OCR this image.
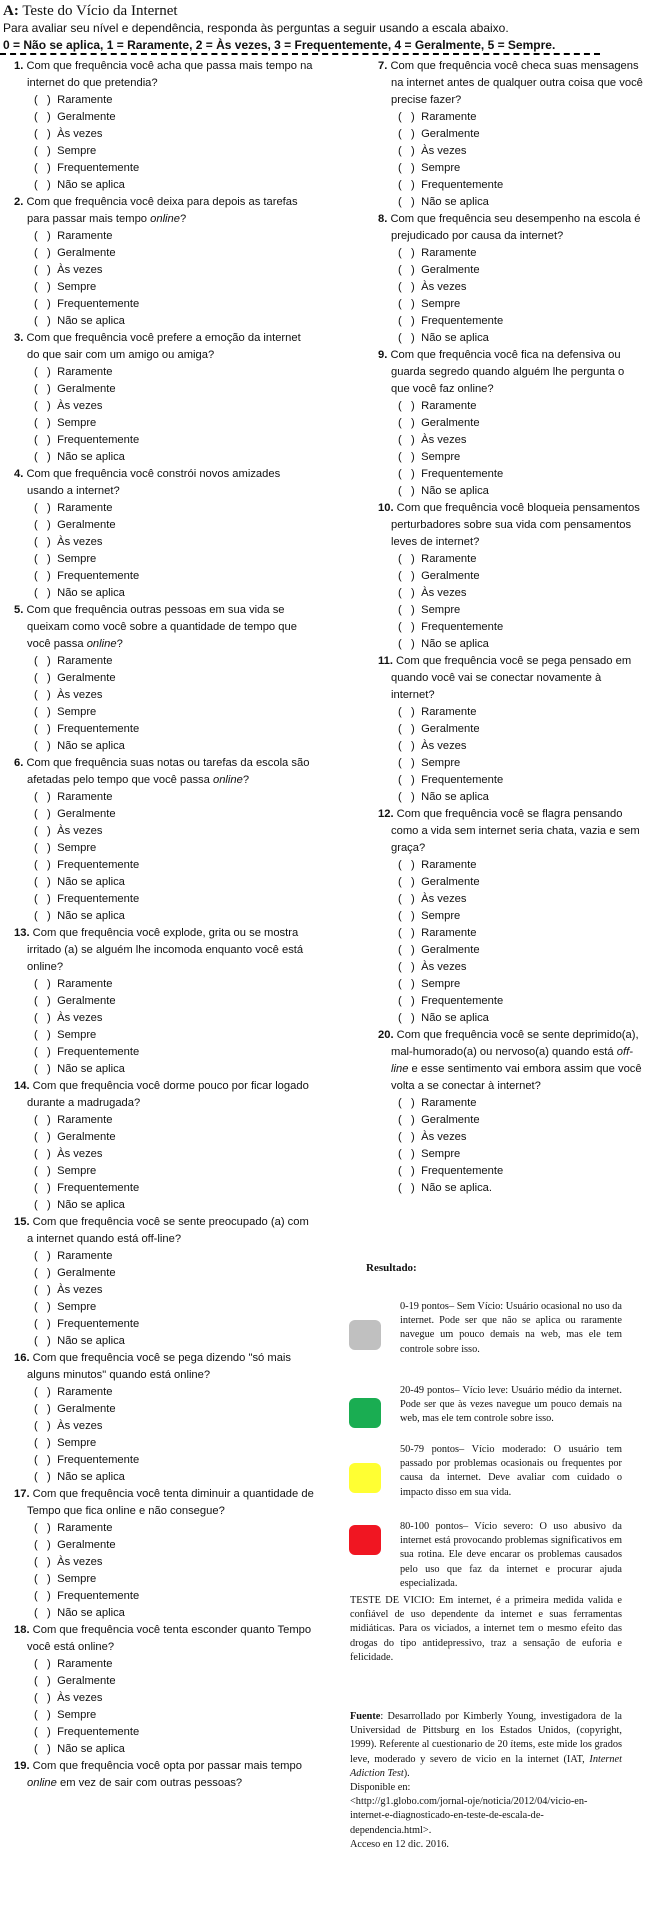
A: Teste do Vício da Internet
Para avaliar seu nível e dependência, responda às perguntas a seguir usando a escala abaixo.
0 = Não se aplica, 1 = Raramente, 2 = Às vezes, 3 = Frequentemente, 4 = Geralmente, 5 = Sempre.
1. Com que frequência você acha que passa mais tempo na internet do que pretendia?
(   ) Raramente
(   ) Geralmente
(   ) Às vezes
(   ) Sempre
(   ) Frequentemente
(   ) Não se aplica
2. Com que frequência você deixa para depois as tarefas para passar mais tempo online?
(   ) Raramente
(   ) Geralmente
(   ) Às vezes
(   ) Sempre
(   ) Frequentemente
(   ) Não se aplica
3. Com que frequência você prefere a emoção da internet do que sair com um amigo ou amiga?
(   ) Raramente
(   ) Geralmente
(   ) Às vezes
(   ) Sempre
(   ) Frequentemente
(   ) Não se aplica
4. Com que frequência você constrói novos amizades usando a internet?
(   ) Raramente
(   ) Geralmente
(   ) Às vezes
(   ) Sempre
(   ) Frequentemente
(   ) Não se aplica
5. Com que frequência outras pessoas em sua vida se queixam como você sobre a quantidade de tempo que você passa online?
(   ) Raramente
(   ) Geralmente
(   ) Às vezes
(   ) Sempre
(   ) Frequentemente
(   ) Não se aplica
6. Com que frequência suas notas ou tarefas da escola são afetadas pelo tempo que você passa online?
(   ) Raramente
(   ) Geralmente
(   ) Às vezes
(   ) Sempre
(   ) Frequentemente
(   ) Não se aplica
(   ) Frequentemente
(   ) Não se aplica
13. Com que frequência você explode, grita ou se mostra irritado (a) se alguém lhe incomoda enquanto você está online?
(   ) Raramente
(   ) Geralmente
(   ) Às vezes
(   ) Sempre
(   ) Frequentemente
(   ) Não se aplica
14. Com que frequência você dorme pouco por ficar logado durante a madrugada?
(   ) Raramente
(   ) Geralmente
(   ) Às vezes
(   ) Sempre
(   ) Frequentemente
(   ) Não se aplica
15. Com que frequência você se sente preocupado (a) com a internet quando está off-line?
(   ) Raramente
(   ) Geralmente
(   ) Às vezes
(   ) Sempre
(   ) Frequentemente
(   ) Não se aplica
16. Com que frequência você se pega dizendo "só mais alguns minutos" quando está online?
(   ) Raramente
(   ) Geralmente
(   ) Às vezes
(   ) Sempre
(   ) Frequentemente
(   ) Não se aplica
17. Com que frequência você tenta diminuir a quantidade de Tempo que fica online e não consegue?
(   ) Raramente
(   ) Geralmente
(   ) Às vezes
(   ) Sempre
(   ) Frequentemente
(   ) Não se aplica
18. Com que frequência você tenta esconder quanto Tempo você está online?
(   ) Raramente
(   ) Geralmente
(   ) Às vezes
(   ) Sempre
(   ) Frequentemente
(   ) Não se aplica
19. Com que frequência você opta por passar mais tempo online em vez de sair com outras pessoas?
7. Com que frequência você checa suas mensagens na internet antes de qualquer outra coisa que você precise fazer?
(   ) Raramente
(   ) Geralmente
(   ) Às vezes
(   ) Sempre
(   ) Frequentemente
(   ) Não se aplica
8. Com que frequência seu desempenho na escola é prejudicado por causa da internet?
(   ) Raramente
(   ) Geralmente
(   ) Às vezes
(   ) Sempre
(   ) Frequentemente
(   ) Não se aplica
9. Com que frequência você fica na defensiva ou guarda segredo quando alguém lhe pergunta o que você faz online?
(   ) Raramente
(   ) Geralmente
(   ) Às vezes
(   ) Sempre
(   ) Frequentemente
(   ) Não se aplica
10. Com que frequência você bloqueia pensamentos perturbadores sobre sua vida com pensamentos leves de internet?
(   ) Raramente
(   ) Geralmente
(   ) Às vezes
(   ) Sempre
(   ) Frequentemente
(   ) Não se aplica
11. Com que frequência você se pega pensado em quando você vai se conectar novamente à internet?
(   ) Raramente
(   ) Geralmente
(   ) Às vezes
(   ) Sempre
(   ) Frequentemente
(   ) Não se aplica
12. Com que frequência você se flagra pensando como a vida sem internet seria chata, vazia e sem graça?
(   ) Raramente
(   ) Geralmente
(   ) Às vezes
(   ) Sempre
(   ) Raramente
(   ) Geralmente
(   ) Às vezes
(   ) Sempre
(   ) Frequentemente
(   ) Não se aplica
20. Com que frequência você se sente deprimido(a), mal-humorado(a) ou nervoso(a) quando está off-line e esse sentimento vai embora assim que você volta a se conectar à internet?
(   ) Raramente
(   ) Geralmente
(   ) Às vezes
(   ) Sempre
(   ) Frequentemente
(   ) Não se aplica.
Resultado:
0-19 pontos– Sem Vício: Usuário ocasional no uso da internet. Pode ser que não se aplica ou raramente navegue um pouco demais na web, mas ele tem controle sobre isso.
20-49 pontos– Vício leve: Usuário médio da internet. Pode ser que às vezes navegue um pouco demais na web, mas ele tem controle sobre isso.
50-79 pontos– Vício moderado: O usuário tem passado por problemas ocasionais ou frequentes por causa da internet. Deve avaliar com cuidado o impacto disso em sua vida.
80-100 pontos– Vício severo: O uso abusivo da internet está provocando problemas significativos em sua rotina. Ele deve encarar os problemas causados pelo uso que faz da internet e procurar ajuda especializada.
TESTE DE VICIO: Em internet, é a primeira medida valida e confiável de uso dependente da internet e suas ferramentas midiáticas. Para os viciados, a internet tem o mesmo efeito das drogas do tipo antidepressivo, traz a sensação de euforia e felicidade.
Fuente: Desarrollado por Kimberly Young, investigadora de la Universidad de Pittsburg en los Estados Unidos, (copyright, 1999). Referente al cuestionario de 20 ítems, este mide los grados leve, moderado y severo de vicio en la internet (IAT, Internet Adiction Test).
Disponible en:
<http://g1.globo.com/jornal-oje/noticia/2012/04/vicio-en-internet-e-diagnosticado-en-teste-de-escala-de-dependencia.html>.
Acceso en 12 dic. 2016.
